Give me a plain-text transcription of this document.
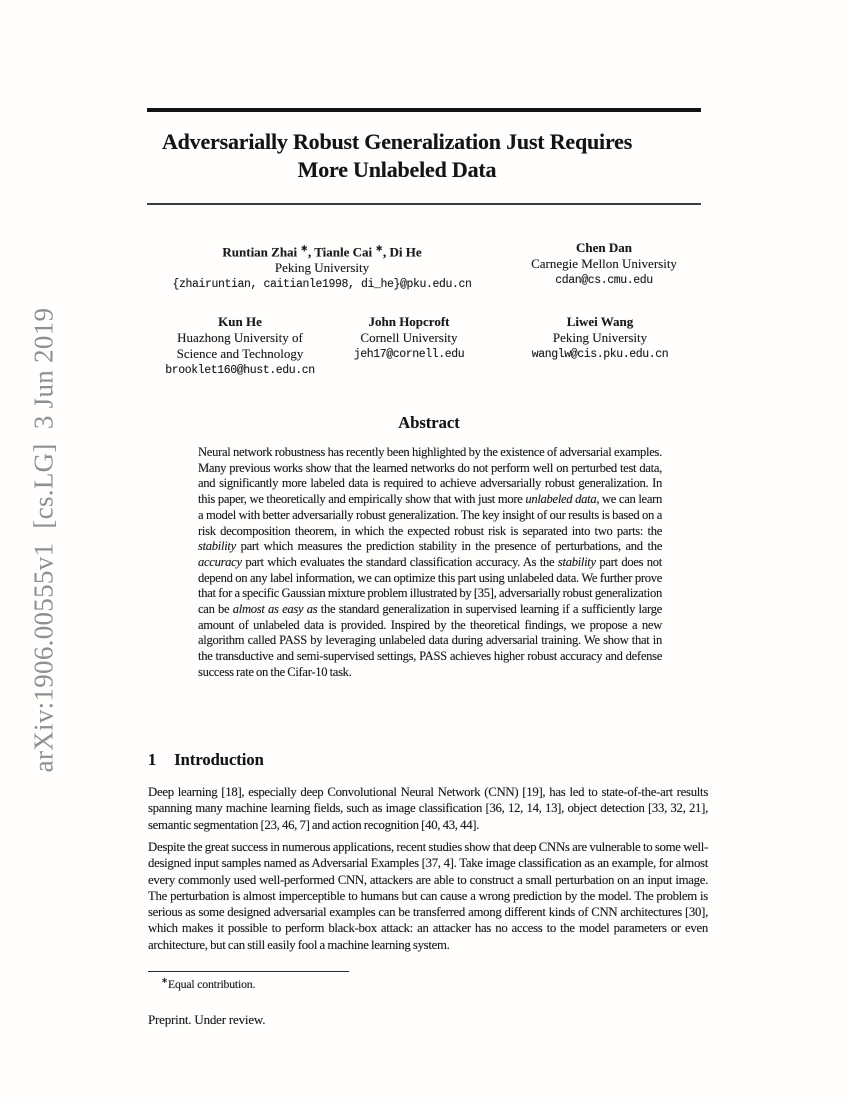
arXiv:1906.00555v1  [cs.LG]  3 Jun 2019
Adversarially Robust Generalization Just Requires
More Unlabeled Data
Runtian Zhai ∗, Tianle Cai ∗, Di He
Peking University
{zhairuntian, caitianle1998, di_he}@pku.edu.cn
Chen Dan
Carnegie Mellon University
cdan@cs.cmu.edu
Kun He
Huazhong University of
Science and Technology
brooklet160@hust.edu.cn
John Hopcroft
Cornell University
jeh17@cornell.edu
Liwei Wang
Peking University
wanglw@cis.pku.edu.cn
Abstract

Neural network robustness has recently been highlighted by the existence of adversarial examples. Many previous works show that the learned networks do not perform well on perturbed test data, and significantly more labeled data is required to achieve adversarially robust generalization. In this paper, we theoretically and empirically show that with just more unlabeled data, we can learn a model with better adversarially robust generalization. The key insight of our results is based on a risk decomposition theorem, in which the expected robust risk is separated into two parts: the stability part which measures the prediction stability in the presence of perturbations, and the accuracy part which evaluates the standard classification accuracy. As the stability part does not depend on any label information, we can optimize this part using unlabeled data. We further prove that for a specific Gaussian mixture problem illustrated by [35], adversarially robust generalization can be almost as easy as the standard generalization in supervised learning if a sufficiently large amount of unlabeled data is provided. Inspired by the theoretical findings, we propose a new algorithm called PASS by leveraging unlabeled data during adversarial training. We show that in the transductive and semi-supervised settings, PASS achieves higher robust accuracy and defense success rate on the Cifar-10 task.

1 Introduction

Deep learning [18], especially deep Convolutional Neural Network (CNN) [19], has led to state-of-the-art results spanning many machine learning fields, such as image classification [36, 12, 14, 13], object detection [33, 32, 21], semantic segmentation [23, 46, 7] and action recognition [40, 43, 44].

Despite the great success in numerous applications, recent studies show that deep CNNs are vulnerable to some well-designed input samples named as Adversarial Examples [37, 4]. Take image classification as an example, for almost every commonly used well-performed CNN, attackers are able to construct a small perturbation on an input image. The perturbation is almost imperceptible to humans but can cause a wrong prediction by the model. The problem is serious as some designed adversarial examples can be transferred among different kinds of CNN architectures [30], which makes it possible to perform black-box attack: an attacker has no access to the model parameters or even architecture, but can still easily fool a machine learning system.

∗Equal contribution.

Preprint. Under review.
